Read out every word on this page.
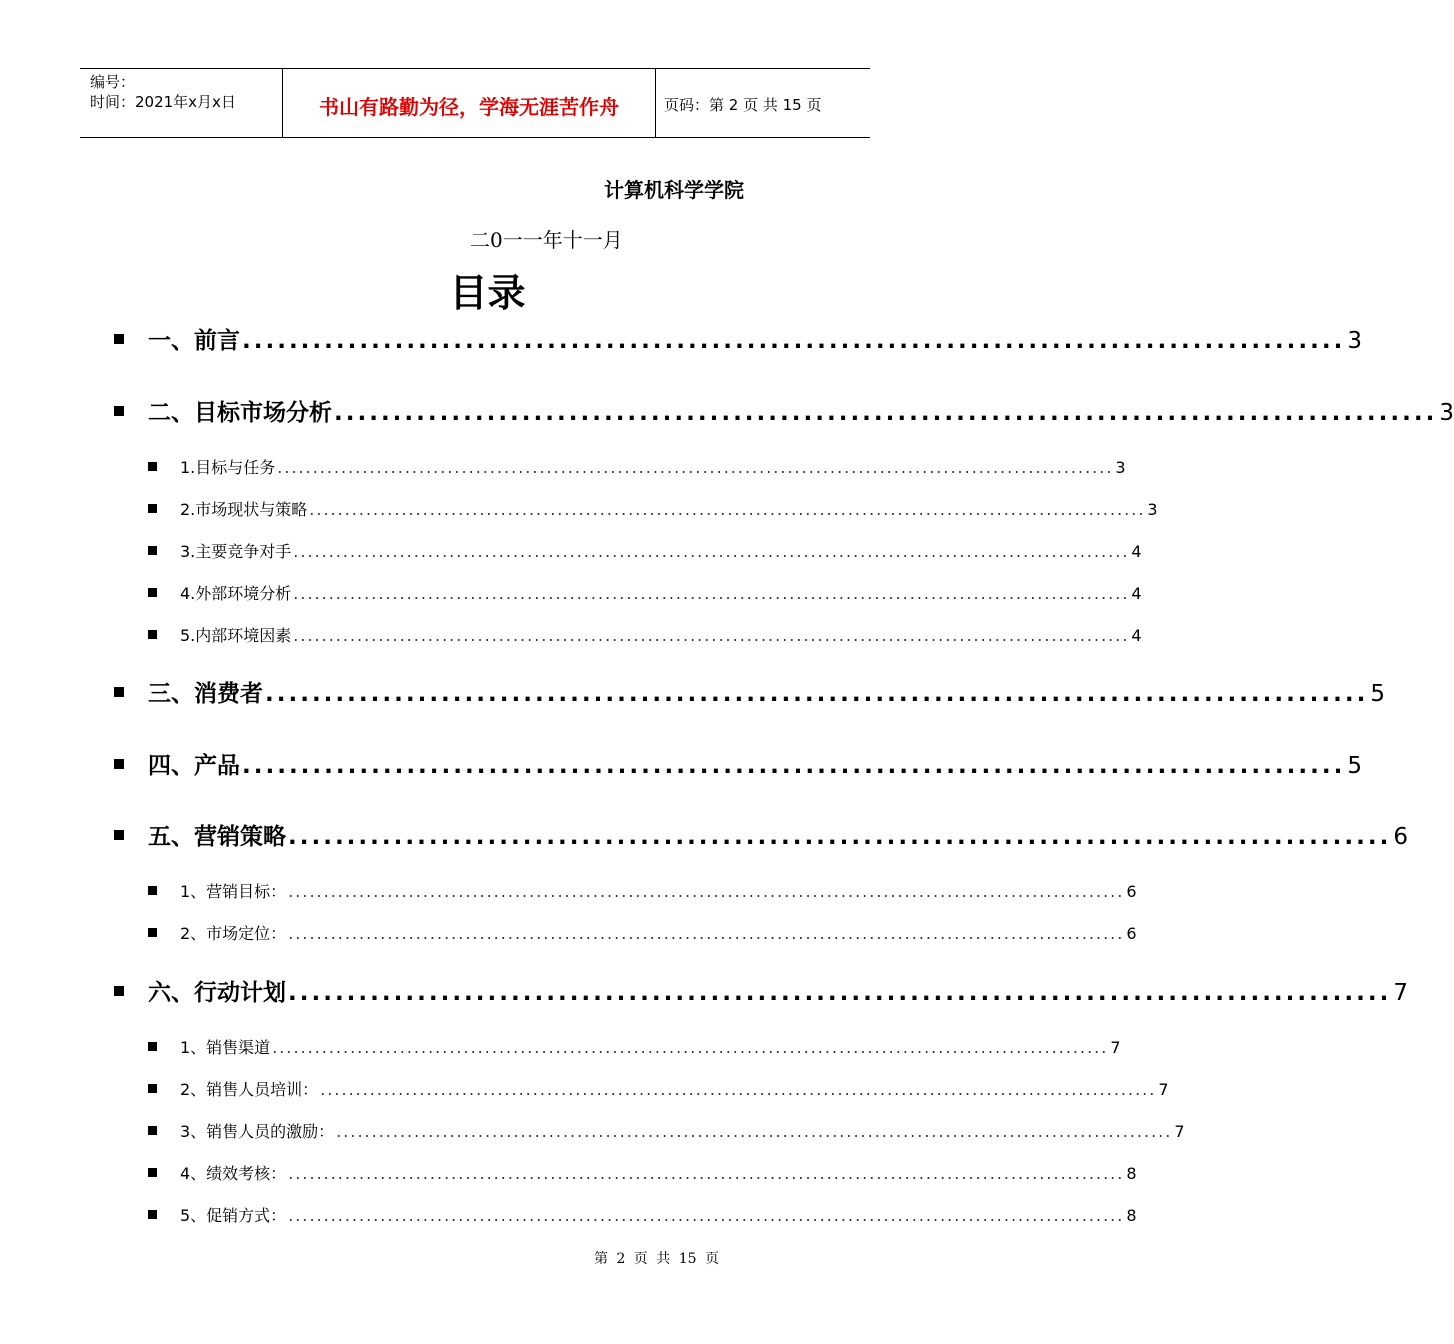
编号：
时间：2021年x月x日	书山有路勤为径，学海无涯苦作舟	页码：第 2 页 共 15 页
计算机科学学院
二0一一年十一月
目录
一、前言 .............................................................................................. 3
二、目标市场分析 .............................................................................................. 3
1.目标与任务 ...................................................................................................................... 3
2.市场现状与策略 ...................................................................................................................... 3
3.主要竞争对手 ...................................................................................................................... 4
4.外部环境分析 ...................................................................................................................... 4
5.内部环境因素 ...................................................................................................................... 4
三、消费者 .............................................................................................. 5
四、产品 .............................................................................................. 5
五、营销策略 .............................................................................................. 6
1、营销目标： ...................................................................................................................... 6
2、市场定位： ...................................................................................................................... 6
六、行动计划 .............................................................................................. 7
1、销售渠道 ...................................................................................................................... 7
2、销售人员培训： ...................................................................................................................... 7
3、销售人员的激励： ...................................................................................................................... 7
4、绩效考核： ...................................................................................................................... 8
5、促销方式： ...................................................................................................................... 8
第 2 页 共 15 页
